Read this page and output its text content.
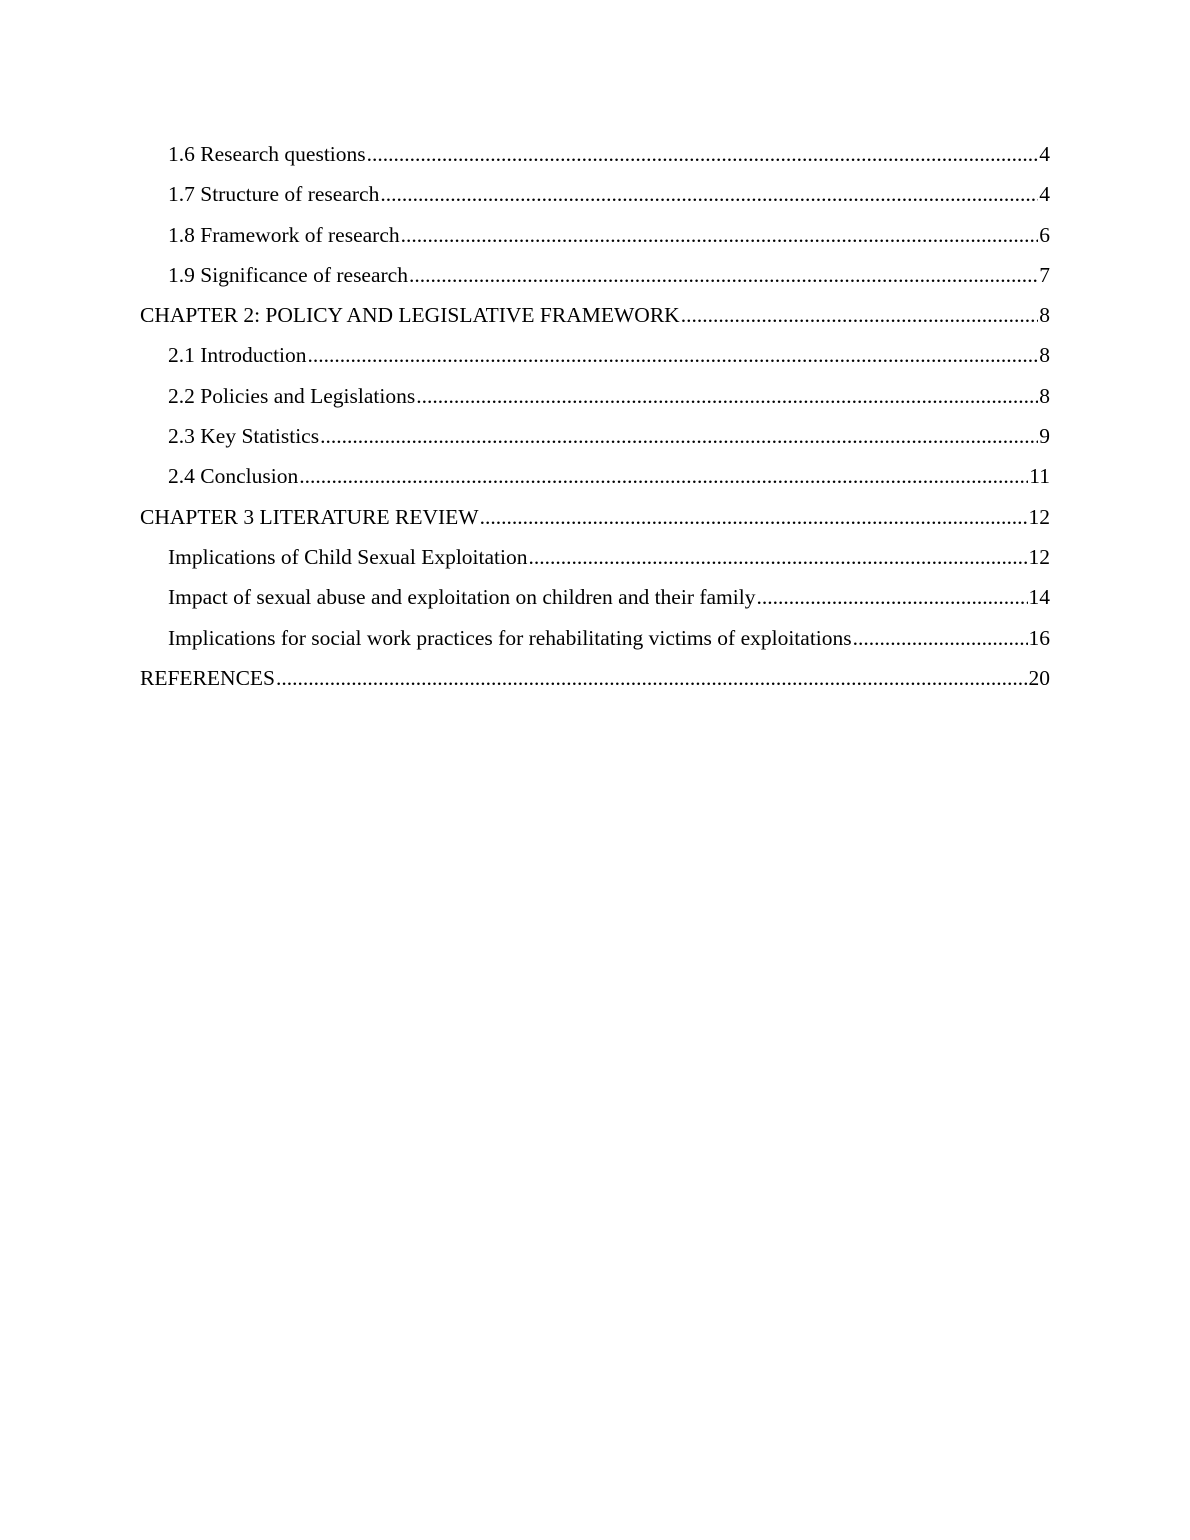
1.6 Research questions .....	4
1.7 Structure of research .....	4
1.8 Framework of research .....	6
1.9 Significance of research .....	7
CHAPTER 2: POLICY AND LEGISLATIVE FRAMEWORK .....	8
2.1 Introduction .....	8
2.2 Policies and Legislations .....	8
2.3 Key Statistics .....	9
2.4 Conclusion .....	11
CHAPTER 3 LITERATURE REVIEW .....	12
Implications of Child Sexual Exploitation .....	12
Impact of sexual abuse and exploitation on children and their family .....	14
Implications for social work practices for rehabilitating victims of exploitations .....	16
REFERENCES .....	20
